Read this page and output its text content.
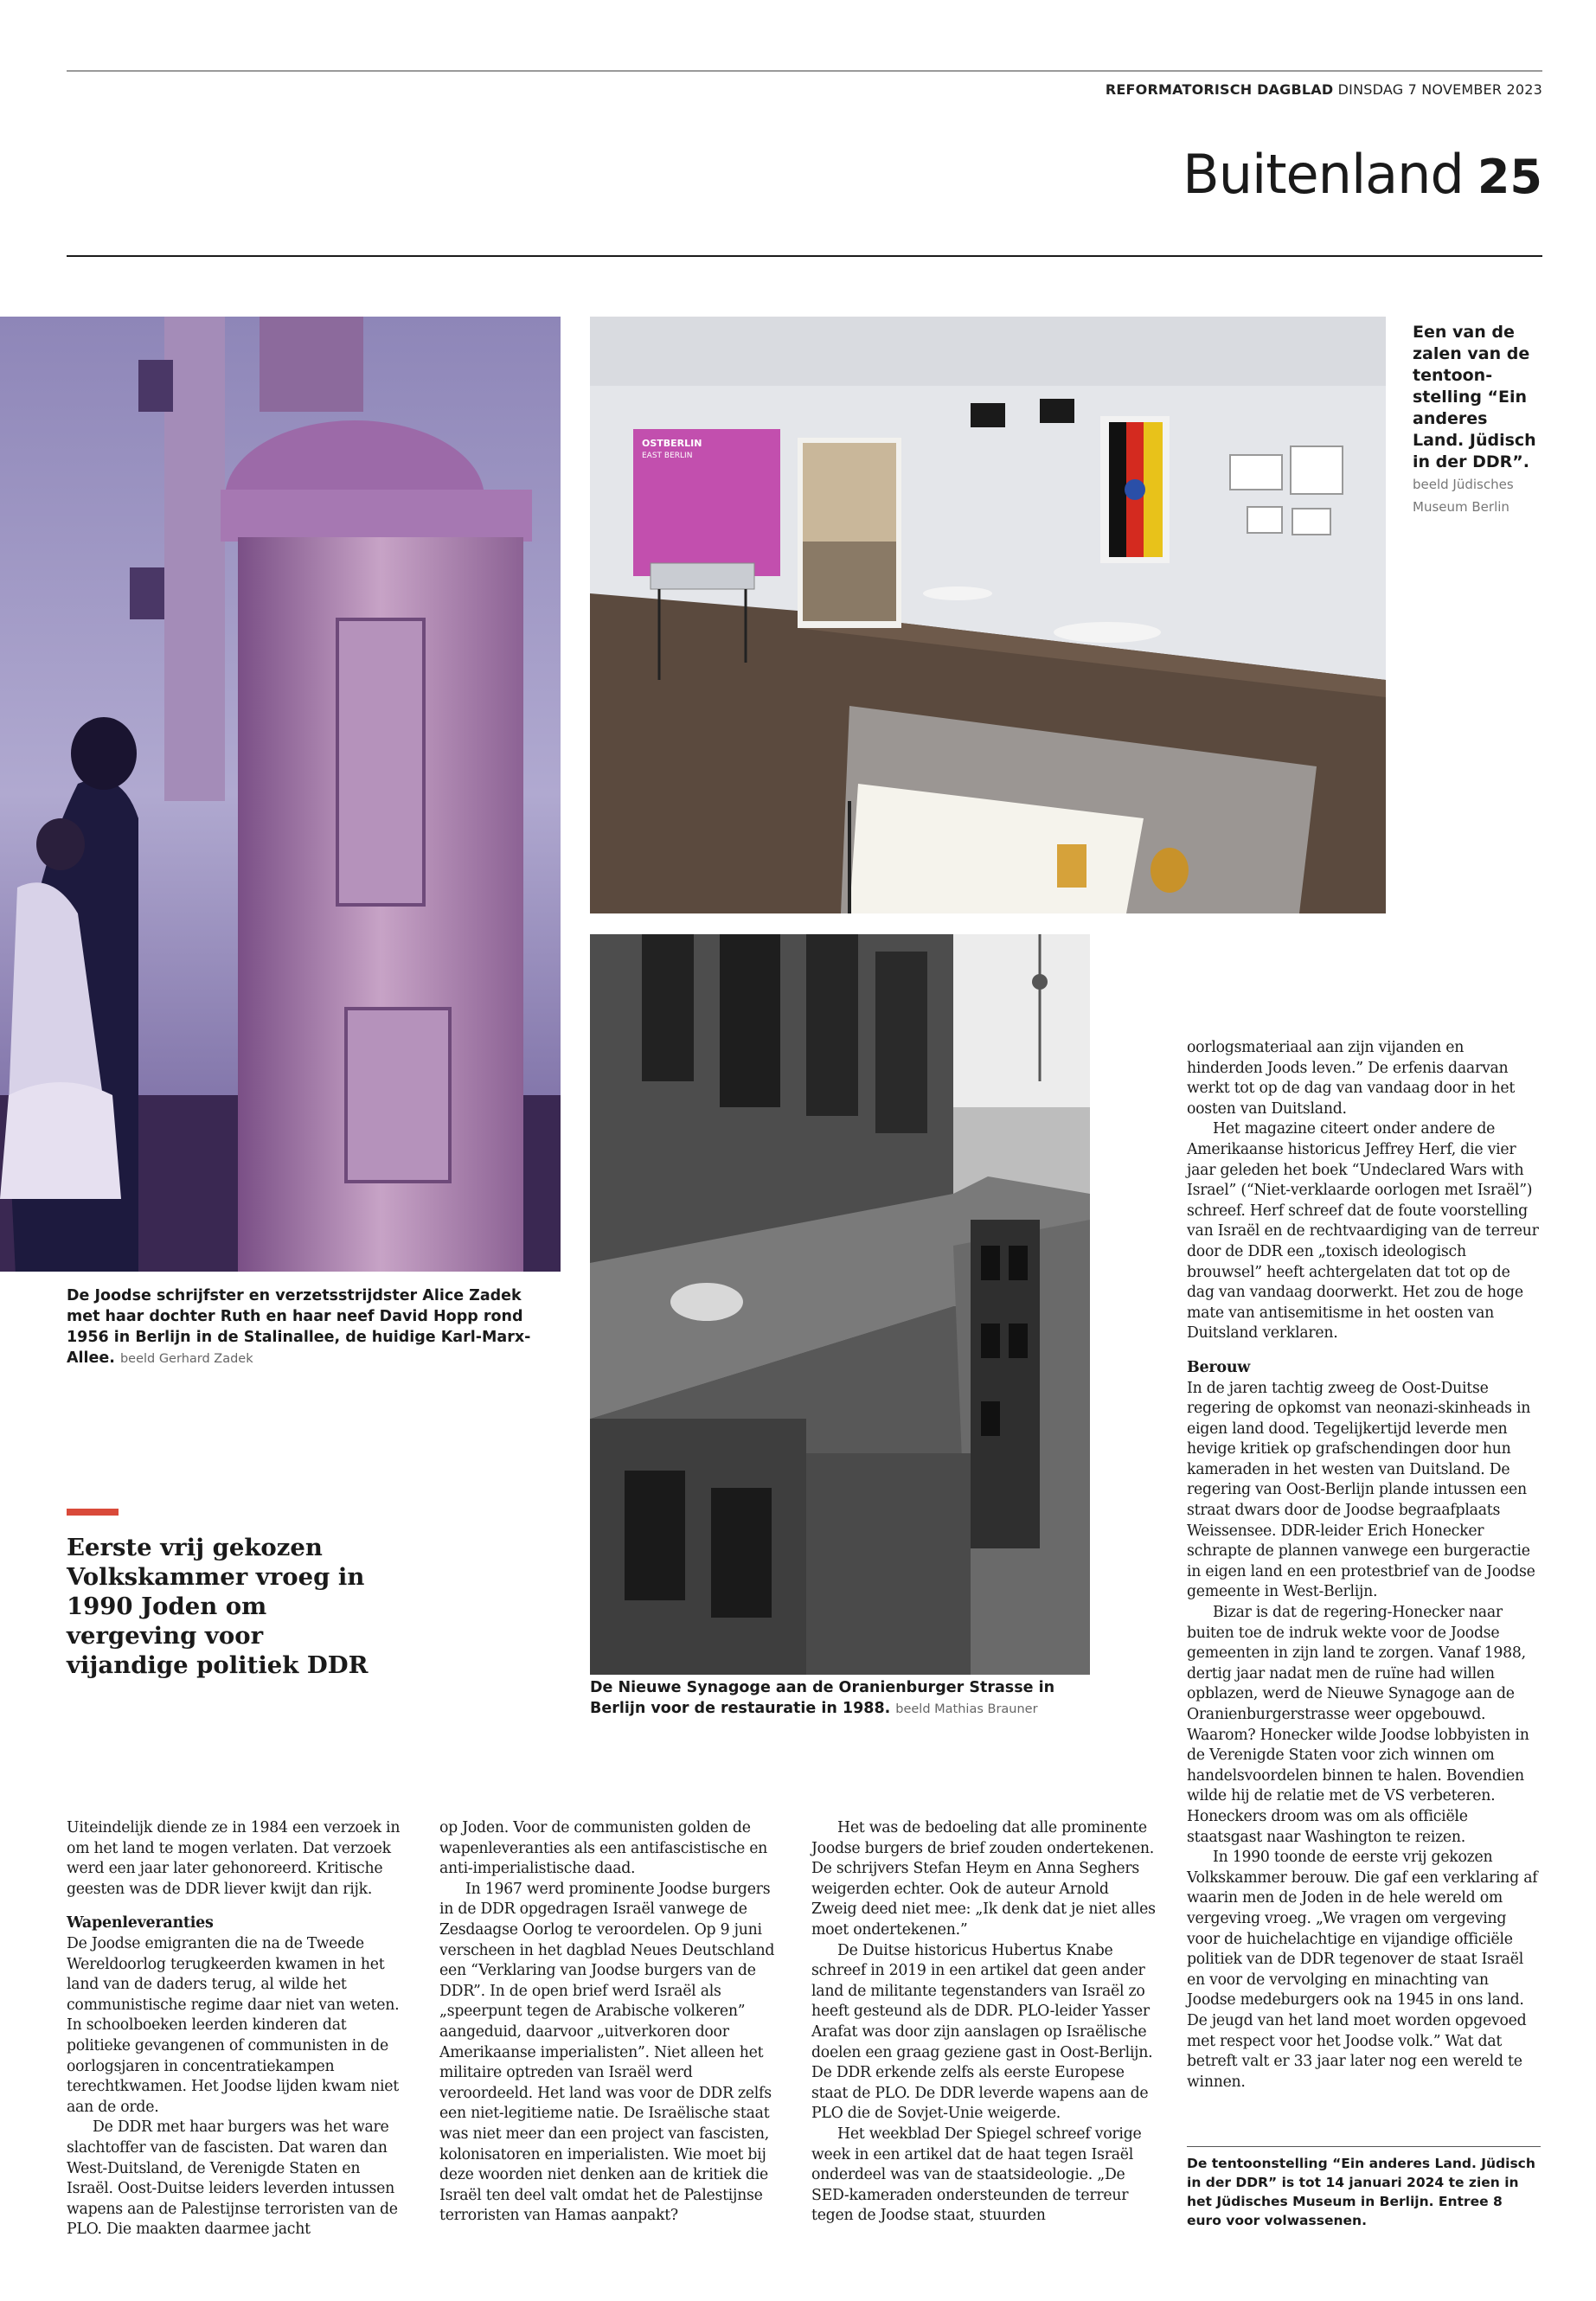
REFORMATORISCH DAGBLAD DINSDAG 7 NOVEMBER 2023
Buitenland 25
OSTBERLIN
EAST BERLIN
Een van de zalen van de tentoon-stelling “Ein anderes Land. Jüdisch in der DDR”. beeld Jüdisches Museum Berlin
De Joodse schrijfster en verzetsstrijdster Alice Zadek met haar dochter Ruth en haar neef David Hopp rond 1956 in Berlijn in de Stalinallee, de huidige Karl-Marx-Allee. beeld Gerhard Zadek
De Nieuwe Synagoge aan de Oranienburger Strasse in Berlijn voor de restauratie in 1988. beeld Mathias Brauner
Eerste vrij gekozen Volkskammer vroeg in 1990 Joden om vergeving voor vijandige politiek DDR

Uiteindelijk diende ze in 1984 een verzoek in om het land te mogen verlaten. Dat verzoek werd een jaar later gehonoreerd. Kritische geesten was de DDR liever kwijt dan rijk.

Wapenleveranties

De Joodse emigranten die na de Tweede Wereldoorlog terugkeerden kwamen in het land van de daders terug, al wilde het communistische regime daar niet van weten. In schoolboeken leerden kinderen dat politieke gevangenen of communisten in de oorlogsjaren in concentratiekampen terechtkwamen. Het Joodse lijden kwam niet aan de orde.

De DDR met haar burgers was het ware slachtoffer van de fascisten. Dat waren dan West-Duitsland, de Verenigde Staten en Israël. Oost-Duitse leiders leverden intussen wapens aan de Palestijnse terroristen van de PLO. Die maakten daarmee jacht

op Joden. Voor de communisten golden de wapenleveranties als een antifascistische en anti-imperialistische daad.

In 1967 werd prominente Joodse burgers in de DDR opgedragen Israël vanwege de Zesdaagse Oorlog te veroordelen. Op 9 juni verscheen in het dagblad Neues Deutschland een “Verklaring van Joodse burgers van de DDR”. In de open brief werd Israël als „speerpunt tegen de Arabische volkeren” aangeduid, daarvoor „uitverkoren door Amerikaanse imperialisten”. Niet alleen het militaire optreden van Israël werd veroordeeld. Het land was voor de DDR zelfs een niet-legitieme natie. De Israëlische staat was niet meer dan een project van fascisten, kolonisatoren en imperialisten. Wie moet bij deze woorden niet denken aan de kritiek die Israël ten deel valt omdat het de Palestijnse terroristen van Hamas aanpakt?

Het was de bedoeling dat alle prominente Joodse burgers de brief zouden ondertekenen. De schrijvers Stefan Heym en Anna Seghers weigerden echter. Ook de auteur Arnold Zweig deed niet mee: „Ik denk dat je niet alles moet ondertekenen.”

De Duitse historicus Hubertus Knabe schreef in 2019 in een artikel dat geen ander land de militante tegenstanders van Israël zo heeft gesteund als de DDR. PLO-leider Yasser Arafat was door zijn aanslagen op Israëlische doelen een graag geziene gast in Oost-Berlijn. De DDR erkende zelfs als eerste Europese staat de PLO. De DDR leverde wapens aan de PLO die de Sovjet-Unie weigerde.

Het weekblad Der Spiegel schreef vorige week in een artikel dat de haat tegen Israël onderdeel was van de staatsideologie. „De SED-kameraden ondersteunden de terreur tegen de Joodse staat, stuurden

oorlogsmateriaal aan zijn vijanden en hinderden Joods leven.” De erfenis daarvan werkt tot op de dag van vandaag door in het oosten van Duitsland.

Het magazine citeert onder andere de Amerikaanse historicus Jeffrey Herf, die vier jaar geleden het boek “Undeclared Wars with Israel” (“Niet-verklaarde oorlogen met Israël”) schreef. Herf schreef dat de foute voorstelling van Israël en de rechtvaardiging van de terreur door de DDR een „toxisch ideologisch brouwsel” heeft achtergelaten dat tot op de dag van vandaag doorwerkt. Het zou de hoge mate van antisemitisme in het oosten van Duitsland verklaren.

Berouw

In de jaren tachtig zweeg de Oost-Duitse regering de opkomst van neonazi-skinheads in eigen land dood. Tegelijkertijd leverde men hevige kritiek op grafschendingen door hun kameraden in het westen van Duitsland. De regering van Oost-Berlijn plande intussen een straat dwars door de Joodse begraafplaats Weissensee. DDR-leider Erich Honecker schrapte de plannen vanwege een burgeractie in eigen land en een protestbrief van de Joodse gemeente in West-Berlijn.

Bizar is dat de regering-Honecker naar buiten toe de indruk wekte voor de Joodse gemeenten in zijn land te zorgen. Vanaf 1988, dertig jaar nadat men de ruïne had willen opblazen, werd de Nieuwe Synagoge aan de Oranienburgerstrasse weer opgebouwd. Waarom? Honecker wilde Joodse lobbyisten in de Verenigde Staten voor zich winnen om handelsvoordelen binnen te halen. Bovendien wilde hij de relatie met de VS verbeteren. Honeckers droom was om als officiële staatsgast naar Washington te reizen.

In 1990 toonde de eerste vrij gekozen Volkskammer berouw. Die gaf een verklaring af waarin men de Joden in de hele wereld om vergeving vroeg. „We vragen om vergeving voor de huichelachtige en vijandige officiële politiek van de DDR tegenover de staat Israël en voor de vervolging en minachting van Joodse medeburgers ook na 1945 in ons land. De jeugd van het land moet worden opgevoed met respect voor het Joodse volk.” Wat dat betreft valt er 33 jaar later nog een wereld te winnen.

De tentoonstelling “Ein anderes Land. Jüdisch in der DDR” is tot 14 januari 2024 te zien in het Jüdisches Museum in Berlijn. Entree 8 euro voor volwassenen.
